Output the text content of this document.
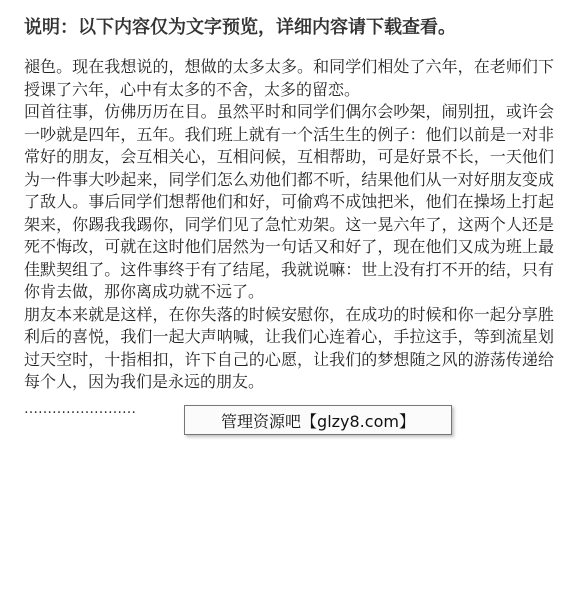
说明：以下内容仅为文字预览，详细内容请下载查看。

褪色。现在我想说的，想做的太多太多。和同学们相处了六年，在老师们下授课了六年，心中有太多的不舍，太多的留恋。

回首往事，仿佛历历在目。虽然平时和同学们偶尔会吵架，闹别扭，或许会一吵就是四年，五年。我们班上就有一个活生生的例子：他们以前是一对非常好的朋友，会互相关心，互相问候，互相帮助，可是好景不长，一天他们为一件事大吵起来，同学们怎么劝他们都不听，结果他们从一对好朋友变成了敌人。事后同学们想帮他们和好，可偷鸡不成蚀把米，他们在操场上打起架来，你踢我我踢你，同学们见了急忙劝架。这一晃六年了，这两个人还是死不悔改，可就在这时他们居然为一句话又和好了，现在他们又成为班上最佳默契组了。这件事终于有了结尾，我就说嘛：世上没有打不开的结，只有你肯去做，那你离成功就不远了。

朋友本来就是这样，在你失落的时候安慰你，在成功的时候和你一起分享胜利后的喜悦，我们一起大声呐喊，让我们心连着心，手拉这手，等到流星划过天空时，十指相扣，许下自己的心愿，让我们的梦想随之风的游荡传递给每个人，因为我们是永远的朋友。

……………………
管理资源吧【glzy8.com】
